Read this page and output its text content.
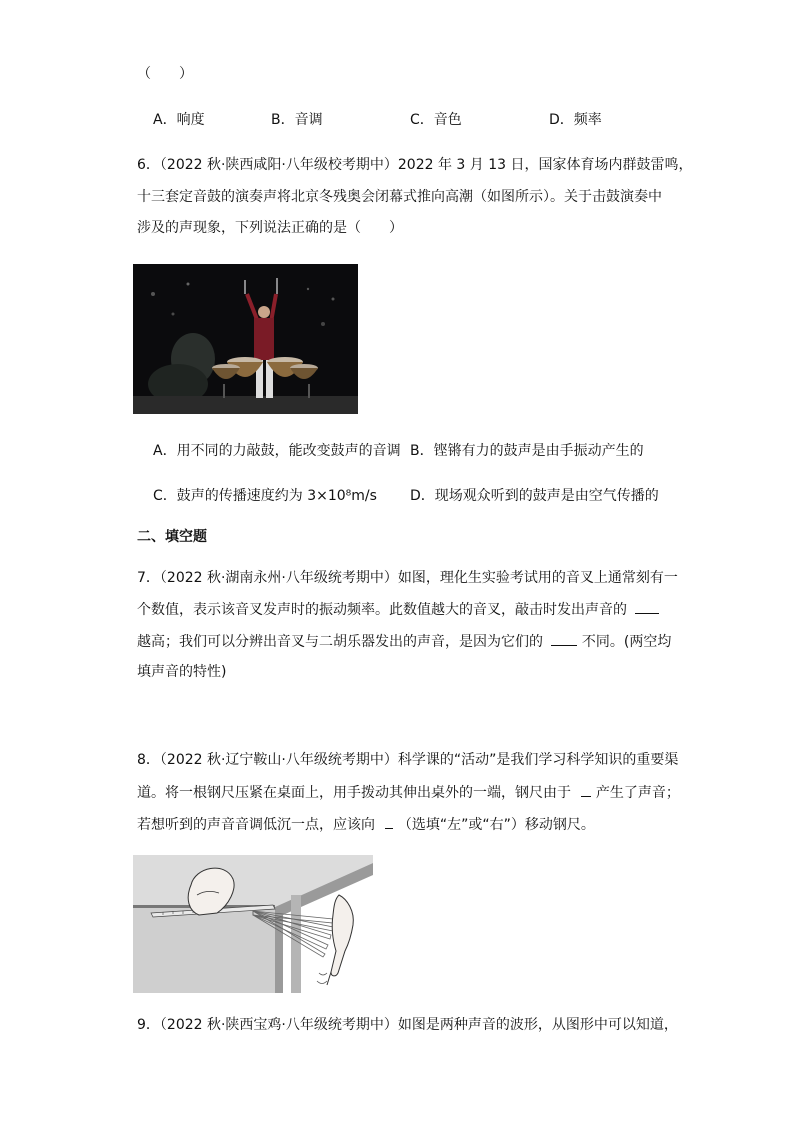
（　　）
A．响度	B．音调	C．音色	D．频率
6．（2022 秋·陕西咸阳·八年级校考期中）2022 年 3 月 13 日，国家体育场内群鼓雷鸣，
十三套定音鼓的演奏声将北京冬残奥会闭幕式推向高潮（如图所示）。关于击鼓演奏中
涉及的声现象，下列说法正确的是（　　）
A．用不同的力敲鼓，能改变鼓声的音调 B．铿锵有力的鼓声是由手振动产生的
C．鼓声的传播速度约为 3×10⁸m/s D．现场观众听到的鼓声是由空气传播的
二、填空题
7．（2022 秋·湖南永州·八年级统考期中）如图，理化生实验考试用的音叉上通常刻有一
个数值，表示该音叉发声时的振动频率。此数值越大的音叉，敲击时发出声音的
越高；我们可以分辨出音叉与二胡乐器发出的声音，是因为它们的	不同。(两空均
填声音的特性)
8．（2022 秋·辽宁鞍山·八年级统考期中）科学课的“活动”是我们学习科学知识的重要渠
道。将一根钢尺压紧在桌面上，用手拨动其伸出桌外的一端，钢尺由于 产生了声音；
若想听到的声音音调低沉一点，应该向 （选填“左”或“右”）移动钢尺。
9．（2022 秋·陕西宝鸡·八年级统考期中）如图是两种声音的波形，从图形中可以知道，
